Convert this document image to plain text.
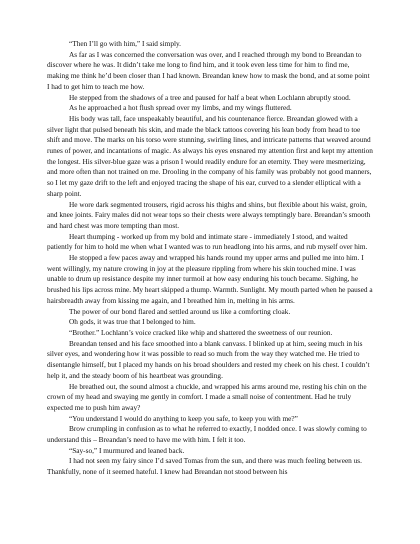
“Then I’ll go with him,” I said simply.

As far as I was concerned the conversation was over, and I reached through my bond to Breandan to discover where he was. It didn’t take me long to find him, and it took even less time for him to find me, making me think he’d been closer than I had known. Breandan knew how to mask the bond, and at some point I had to get him to teach me how.

He stepped from the shadows of a tree and paused for half a beat when Lochlann abruptly stood.

As he approached a hot flush spread over my limbs, and my wings fluttered.

His body was tall, face unspeakably beautiful, and his countenance fierce. Breandan glowed with a silver light that pulsed beneath his skin, and made the black tattoos covering his lean body from head to toe shift and move. The marks on his torso were stunning, swirling lines, and intricate patterns that weaved around runes of power, and incantations of magic. As always his eyes ensnared my attention first and kept my attention the longest. His silver-blue gaze was a prison I would readily endure for an eternity. They were mesmerizing, and more often than not trained on me. Drooling in the company of his family was probably not good manners, so I let my gaze drift to the left and enjoyed tracing the shape of his ear, curved to a slender elliptical with a sharp point.

He wore dark segmented trousers, rigid across his thighs and shins, but flexible about his waist, groin, and knee joints. Fairy males did not wear tops so their chests were always temptingly bare. Breandan’s smooth and hard chest was more tempting than most.

Heart thumping - worked up from my bold and intimate stare - immediately I stood, and waited patiently for him to hold me when what I wanted was to run headlong into his arms, and rub myself over him.

He stopped a few paces away and wrapped his hands round my upper arms and pulled me into him. I went willingly, my nature crowing in joy at the pleasure rippling from where his skin touched mine. I was unable to drum up resistance despite my inner turmoil at how easy enduring his touch became. Sighing, he brushed his lips across mine. My heart skipped a thump. Warmth. Sunlight. My mouth parted when he paused a hairsbreadth away from kissing me again, and I breathed him in, melting in his arms.

The power of our bond flared and settled around us like a comforting cloak.

Oh gods, it was true that I belonged to him.

“Brother.” Lochlann’s voice cracked like whip and shattered the sweetness of our reunion.

Breandan tensed and his face smoothed into a blank canvass. I blinked up at him, seeing much in his silver eyes, and wondering how it was possible to read so much from the way they watched me. He tried to disentangle himself, but I placed my hands on his broad shoulders and rested my cheek on his chest. I couldn’t help it, and the steady boom of his heartbeat was grounding.

He breathed out, the sound almost a chuckle, and wrapped his arms around me, resting his chin on the crown of my head and swaying me gently in comfort. I made a small noise of contentment. Had he truly expected me to push him away?

“You understand I would do anything to keep you safe, to keep you with me?”

Brow crumpling in confusion as to what he referred to exactly, I nodded once. I was slowly coming to understand this – Breandan’s need to have me with him. I felt it too.

“Say-so,” I murmured and leaned back.

I had not seen my fairy since I’d saved Tomas from the sun, and there was much feeling between us. Thankfully, none of it seemed hateful. I knew had Breandan not stood between his
